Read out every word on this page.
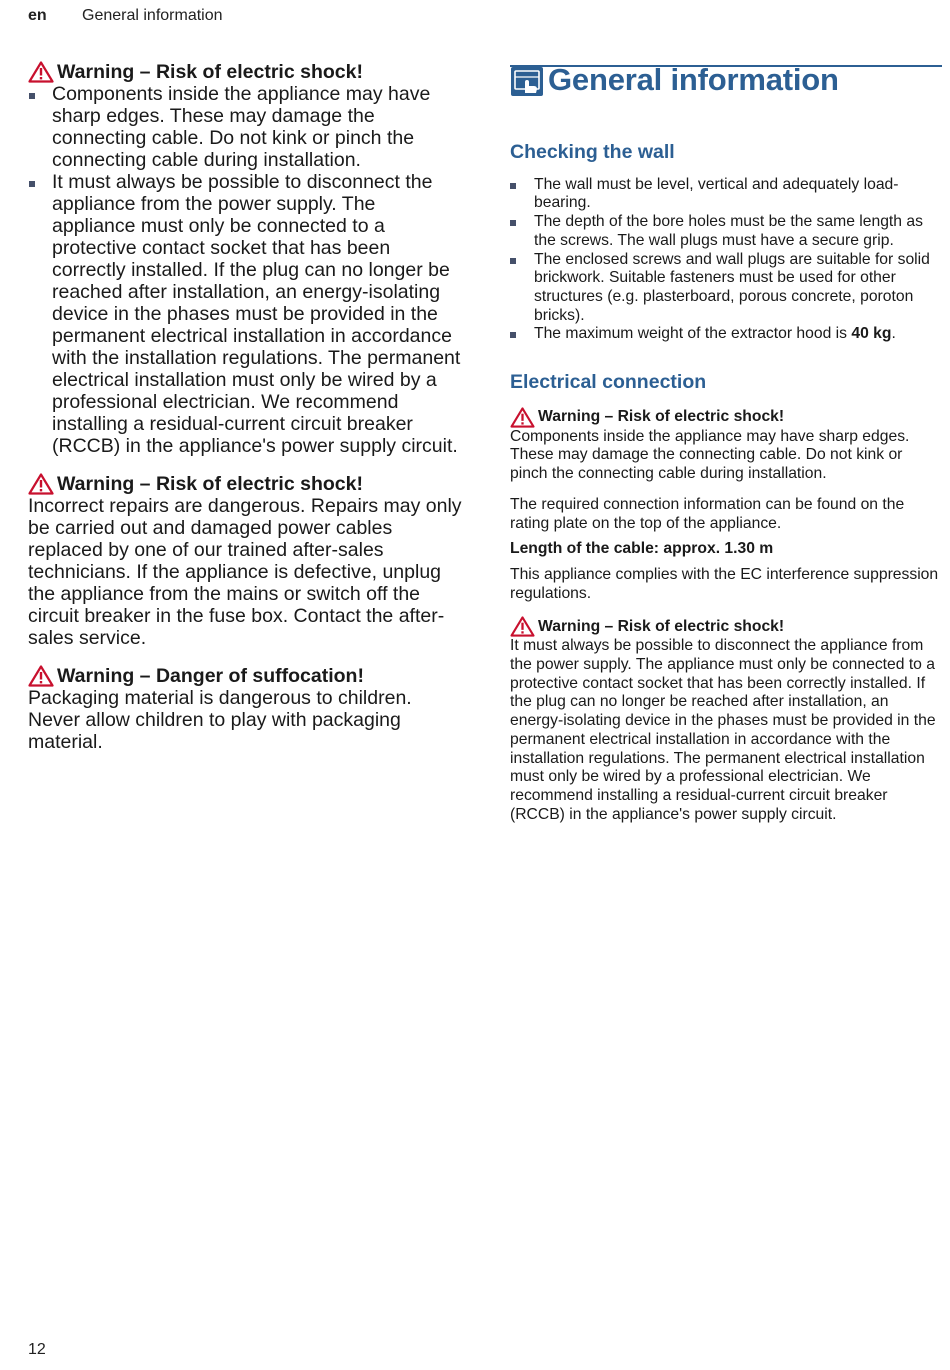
en General information
Warning – Risk of electric shock!
Components inside the appliance may have sharp edges. These may damage the connecting cable. Do not kink or pinch the connecting cable during installation.
It must always be possible to disconnect the appliance from the power supply. The appliance must only be connected to a protective contact socket that has been correctly installed. If the plug can no longer be reached after installation, an energy-isolating device in the phases must be provided in the permanent electrical installation in accordance with the installation regulations. The permanent electrical installation must only be wired by a professional electrician. We recommend installing a residual-current circuit breaker (RCCB) in the appliance's power supply circuit.
Warning – Risk of electric shock!

Incorrect repairs are dangerous. Repairs may only be carried out and damaged power cables replaced by one of our trained after-sales technicians. If the appliance is defective, unplug the appliance from the mains or switch off the circuit breaker in the fuse box. Contact the after-sales service.

Warning – Danger of suffocation!

Packaging material is dangerous to children. Never allow children to play with packaging material.

General information
Checking the wall
The wall must be level, vertical and adequately load-bearing.
The depth of the bore holes must be the same length as the screws. The wall plugs must have a secure grip.
The enclosed screws and wall plugs are suitable for solid brickwork. Suitable fasteners must be used for other structures (e.g. plasterboard, porous concrete, poroton bricks).
The maximum weight of the extractor hood is 40 kg.
Electrical connection
Warning – Risk of electric shock!

Components inside the appliance may have sharp edges. These may damage the connecting cable. Do not kink or pinch the connecting cable during installation.

The required connection information can be found on the rating plate on the top of the appliance.

Length of the cable: approx. 1.30 m

This appliance complies with the EC interference suppression regulations.

Warning – Risk of electric shock!

It must always be possible to disconnect the appliance from the power supply. The appliance must only be connected to a protective contact socket that has been correctly installed. If the plug can no longer be reached after installation, an energy-isolating device in the phases must be provided in the permanent electrical installation in accordance with the installation regulations. The permanent electrical installation must only be wired by a professional electrician. We recommend installing a residual-current circuit breaker (RCCB) in the appliance's power supply circuit.

12
